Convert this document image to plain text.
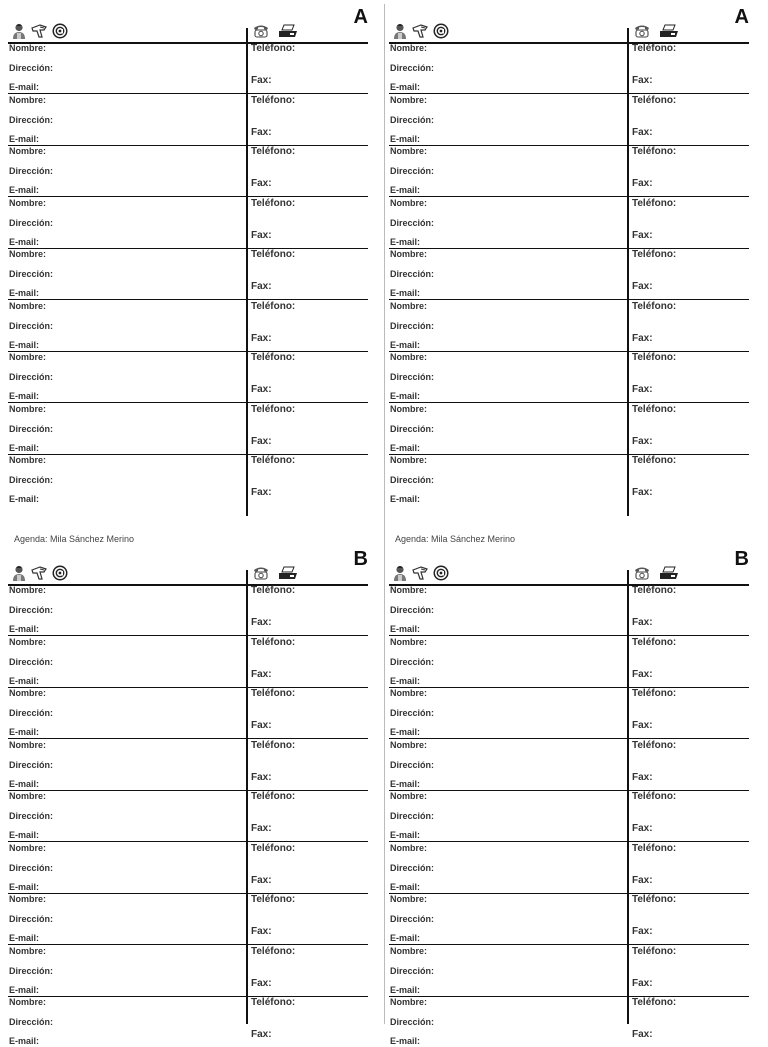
A
Nombre:
Dirección:
E-mail:
Teléfono:
Fax:
Nombre:
Dirección:
E-mail:
Teléfono:
Fax:
Nombre:
Dirección:
E-mail:
Teléfono:
Fax:
Nombre:
Dirección:
E-mail:
Teléfono:
Fax:
Nombre:
Dirección:
E-mail:
Teléfono:
Fax:
Nombre:
Dirección:
E-mail:
Teléfono:
Fax:
Nombre:
Dirección:
E-mail:
Teléfono:
Fax:
Nombre:
Dirección:
E-mail:
Teléfono:
Fax:
Nombre:
Dirección:
E-mail:
Teléfono:
Fax:
Agenda: Mila Sánchez Merino
A
Nombre:
Dirección:
E-mail:
Teléfono:
Fax:
Nombre:
Dirección:
E-mail:
Teléfono:
Fax:
Nombre:
Dirección:
E-mail:
Teléfono:
Fax:
Nombre:
Dirección:
E-mail:
Teléfono:
Fax:
Nombre:
Dirección:
E-mail:
Teléfono:
Fax:
Nombre:
Dirección:
E-mail:
Teléfono:
Fax:
Nombre:
Dirección:
E-mail:
Teléfono:
Fax:
Nombre:
Dirección:
E-mail:
Teléfono:
Fax:
Nombre:
Dirección:
E-mail:
Teléfono:
Fax:
Agenda: Mila Sánchez Merino
B
Nombre:
Dirección:
E-mail:
Teléfono:
Fax:
Nombre:
Dirección:
E-mail:
Teléfono:
Fax:
Nombre:
Dirección:
E-mail:
Teléfono:
Fax:
Nombre:
Dirección:
E-mail:
Teléfono:
Fax:
Nombre:
Dirección:
E-mail:
Teléfono:
Fax:
Nombre:
Dirección:
E-mail:
Teléfono:
Fax:
Nombre:
Dirección:
E-mail:
Teléfono:
Fax:
Nombre:
Dirección:
E-mail:
Teléfono:
Fax:
Nombre:
Dirección:
E-mail:
Teléfono:
Fax:
B
Nombre:
Dirección:
E-mail:
Teléfono:
Fax:
Nombre:
Dirección:
E-mail:
Teléfono:
Fax:
Nombre:
Dirección:
E-mail:
Teléfono:
Fax:
Nombre:
Dirección:
E-mail:
Teléfono:
Fax:
Nombre:
Dirección:
E-mail:
Teléfono:
Fax:
Nombre:
Dirección:
E-mail:
Teléfono:
Fax:
Nombre:
Dirección:
E-mail:
Teléfono:
Fax:
Nombre:
Dirección:
E-mail:
Teléfono:
Fax:
Nombre:
Dirección:
E-mail:
Teléfono:
Fax:
